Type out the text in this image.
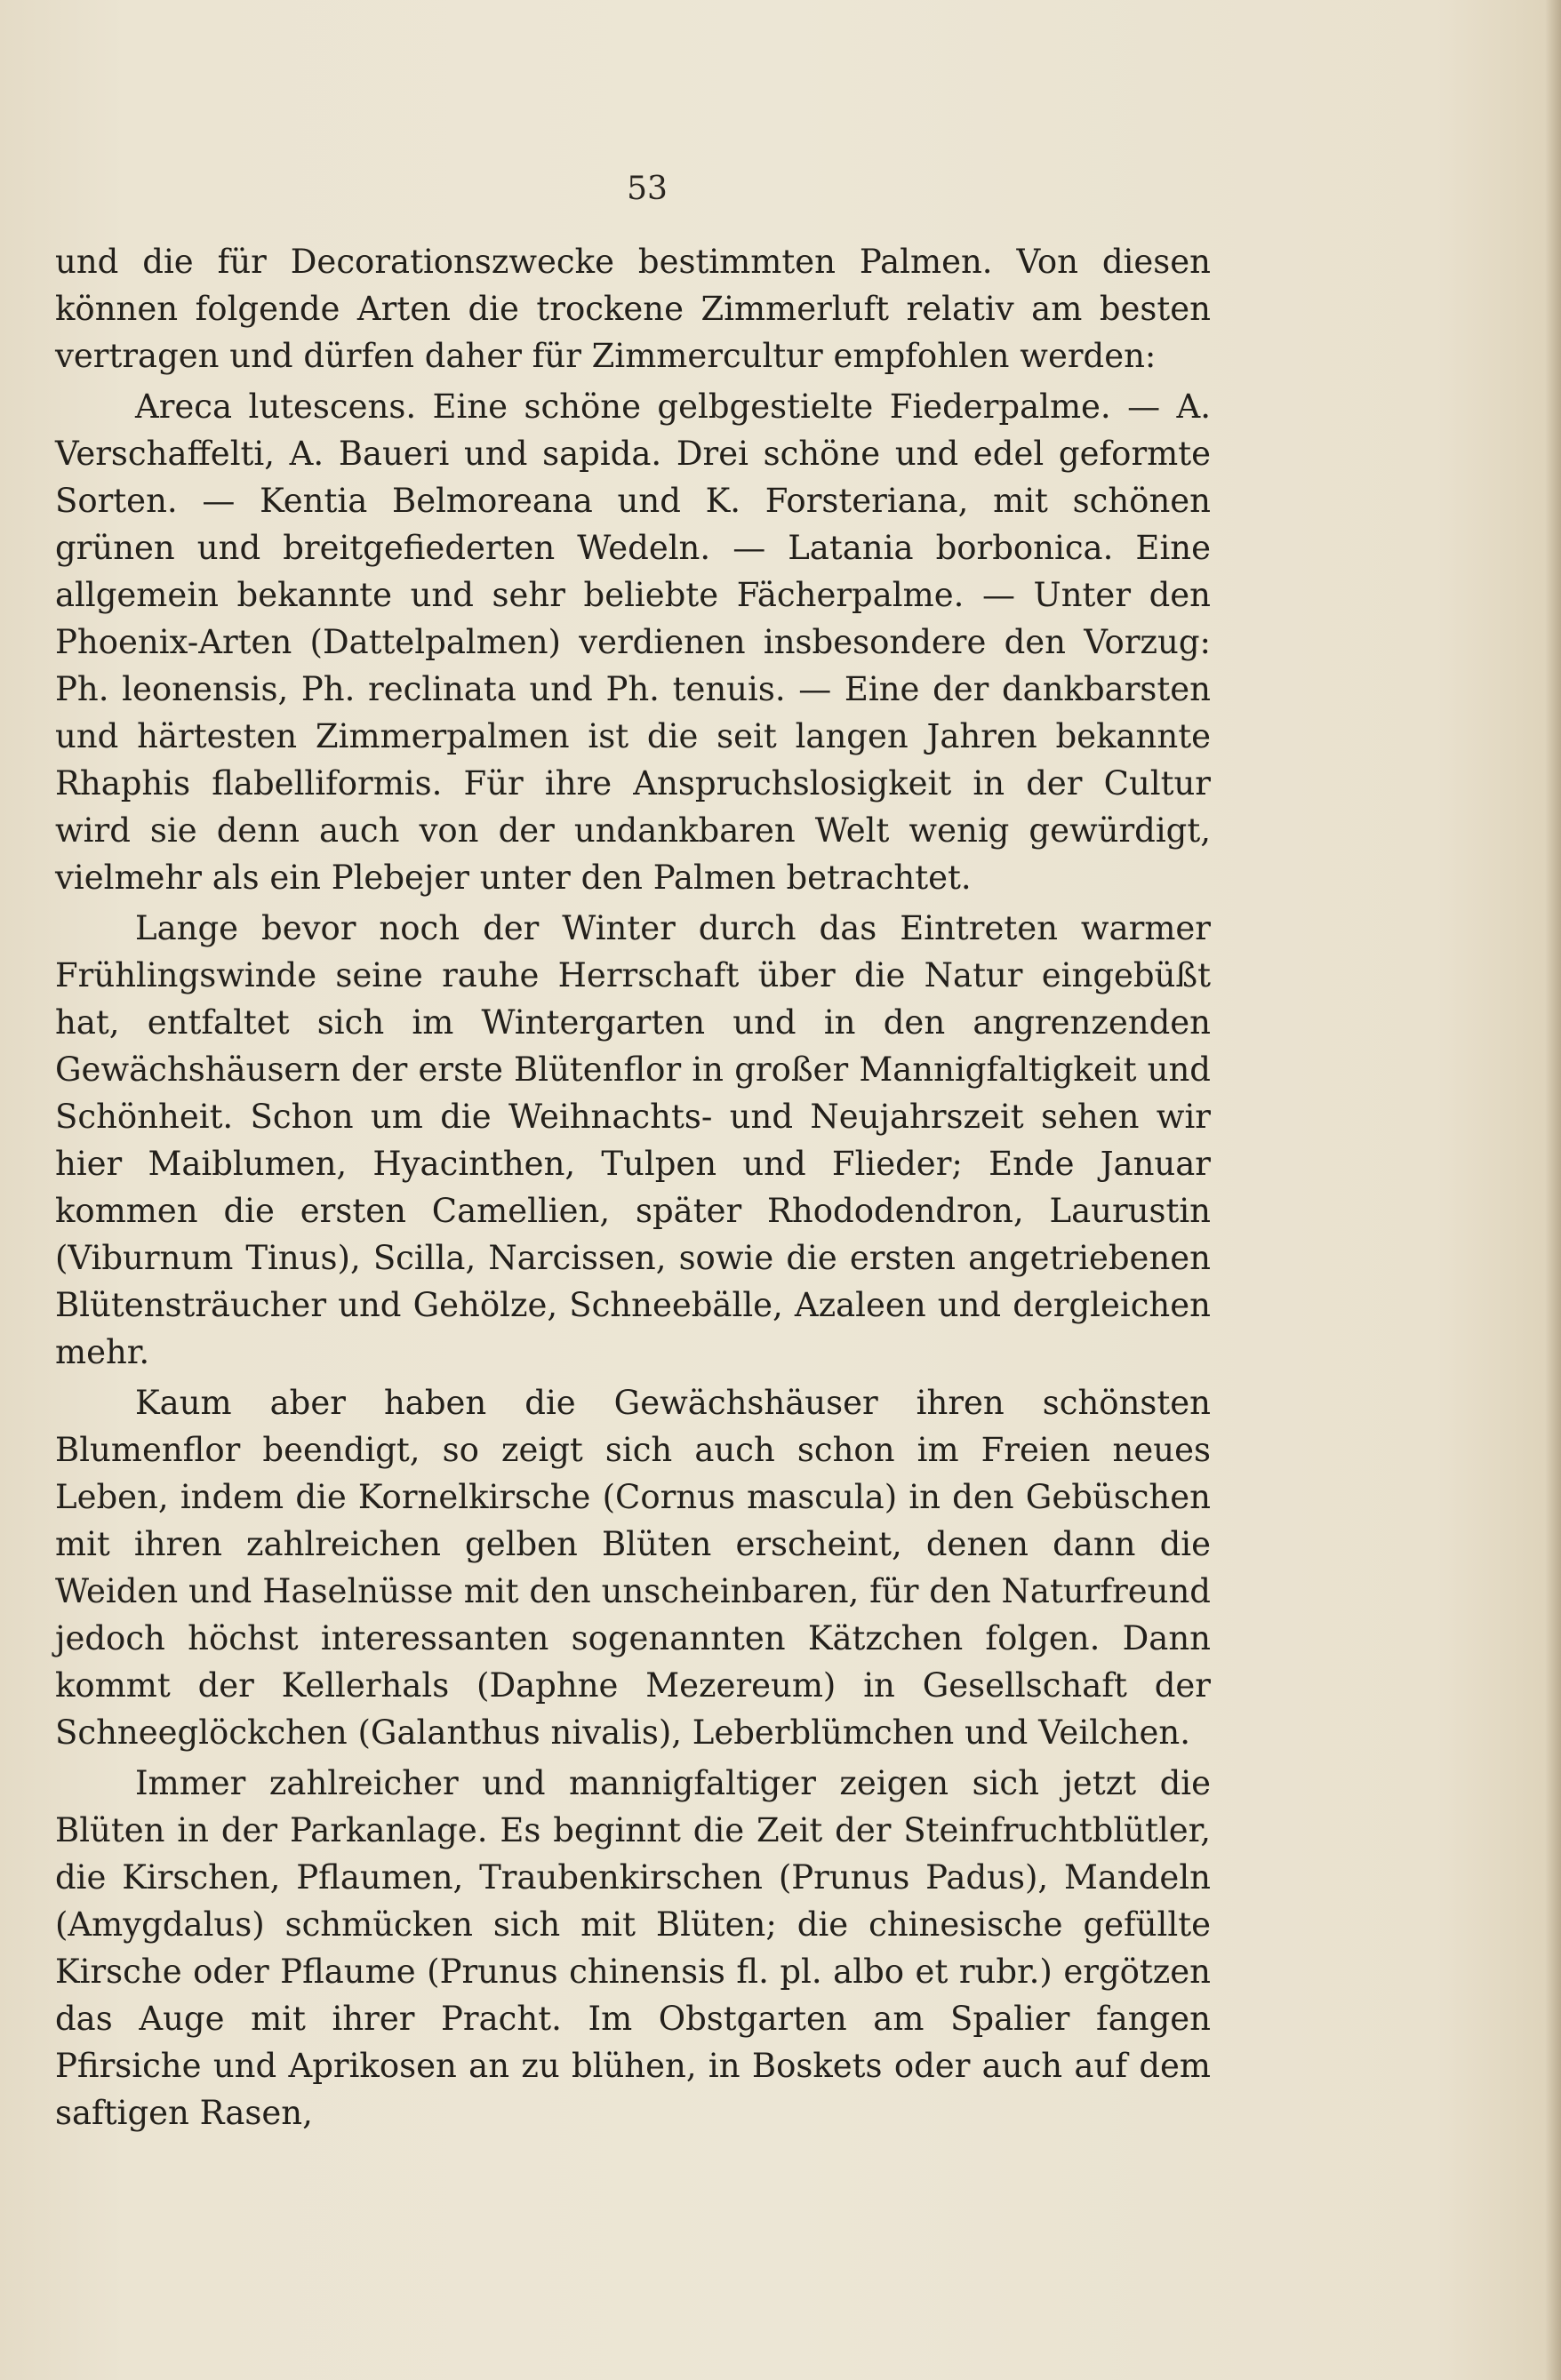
53

und die für Decorationszwecke bestimmten Palmen. Von diesen können folgende Arten die trockene Zimmerluft relativ am besten vertragen und dürfen daher für Zimmercultur empfohlen werden:

Areca lutescens. Eine schöne gelbgestielte Fiederpalme. — A. Verschaffelti, A. Baueri und sapida. Drei schöne und edel geformte Sorten. — Kentia Belmoreana und K. Forsteriana, mit schönen grünen und breitgefiederten Wedeln. — Latania borbonica. Eine allgemein bekannte und sehr beliebte Fächerpalme. — Unter den Phoenix-Arten (Dattelpalmen) verdienen insbesondere den Vorzug: Ph. leonensis, Ph. reclinata und Ph. tenuis. — Eine der dankbarsten und härtesten Zimmerpalmen ist die seit langen Jahren bekannte Rhaphis flabelliformis. Für ihre Anspruchslosigkeit in der Cultur wird sie denn auch von der undankbaren Welt wenig gewürdigt, vielmehr als ein Plebejer unter den Palmen betrachtet.

Lange bevor noch der Winter durch das Eintreten warmer Frühlingswinde seine rauhe Herrschaft über die Natur eingebüßt hat, entfaltet sich im Wintergarten und in den angrenzenden Gewächshäusern der erste Blütenflor in großer Mannigfaltigkeit und Schönheit. Schon um die Weihnachts- und Neujahrszeit sehen wir hier Maiblumen, Hyacinthen, Tulpen und Flieder; Ende Januar kommen die ersten Camellien, später Rhododendron, Laurustin (Viburnum Tinus), Scilla, Narcissen, sowie die ersten angetriebenen Blütensträucher und Gehölze, Schneebälle, Azaleen und dergleichen mehr.

Kaum aber haben die Gewächshäuser ihren schönsten Blumenflor beendigt, so zeigt sich auch schon im Freien neues Leben, indem die Kornelkirsche (Cornus mascula) in den Gebüschen mit ihren zahlreichen gelben Blüten erscheint, denen dann die Weiden und Haselnüsse mit den unscheinbaren, für den Naturfreund jedoch höchst interessanten sogenannten Kätzchen folgen. Dann kommt der Kellerhals (Daphne Mezereum) in Gesellschaft der Schneeglöckchen (Galanthus nivalis), Leberblümchen und Veilchen.

Immer zahlreicher und mannigfaltiger zeigen sich jetzt die Blüten in der Parkanlage. Es beginnt die Zeit der Steinfruchtblütler, die Kirschen, Pflaumen, Traubenkirschen (Prunus Padus), Mandeln (Amygdalus) schmücken sich mit Blüten; die chinesische gefüllte Kirsche oder Pflaume (Prunus chinensis fl. pl. albo et rubr.) ergötzen das Auge mit ihrer Pracht. Im Obstgarten am Spalier fangen Pfirsiche und Aprikosen an zu blühen, in Boskets oder auch auf dem saftigen Rasen,
